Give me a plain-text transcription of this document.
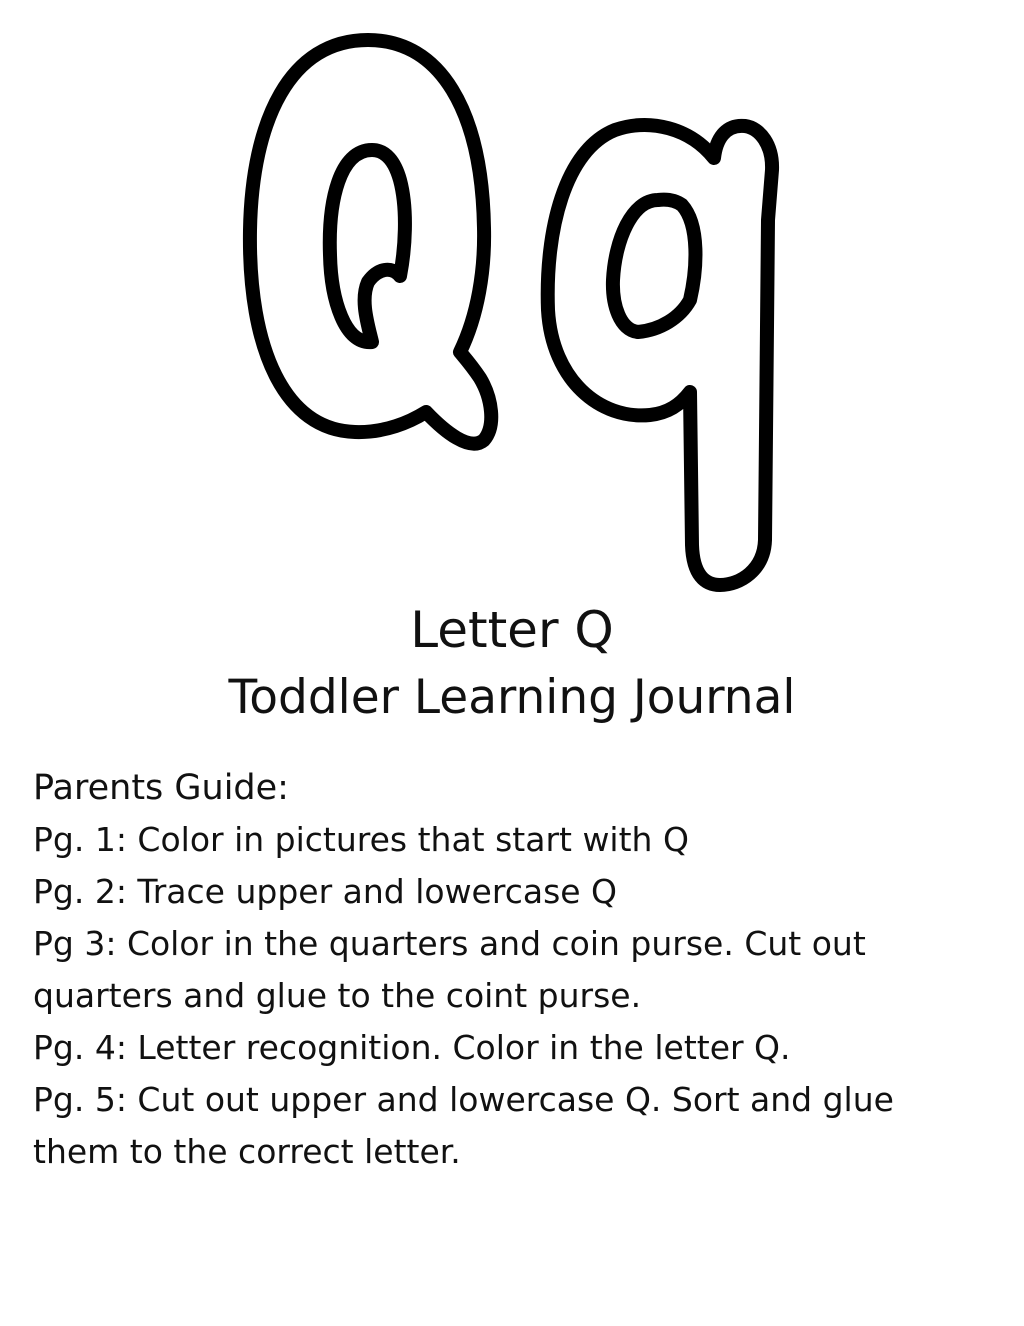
Letter Q
Toddler Learning Journal
Parents Guide:
Pg. 1: Color in pictures that start with Q
Pg. 2: Trace upper and lowercase Q
Pg 3: Color in the quarters and coin purse. Cut out
quarters and glue to the coint purse.
Pg. 4: Letter recognition. Color in the letter Q.
Pg. 5: Cut out upper and lowercase Q. Sort and glue
them to the correct letter.
